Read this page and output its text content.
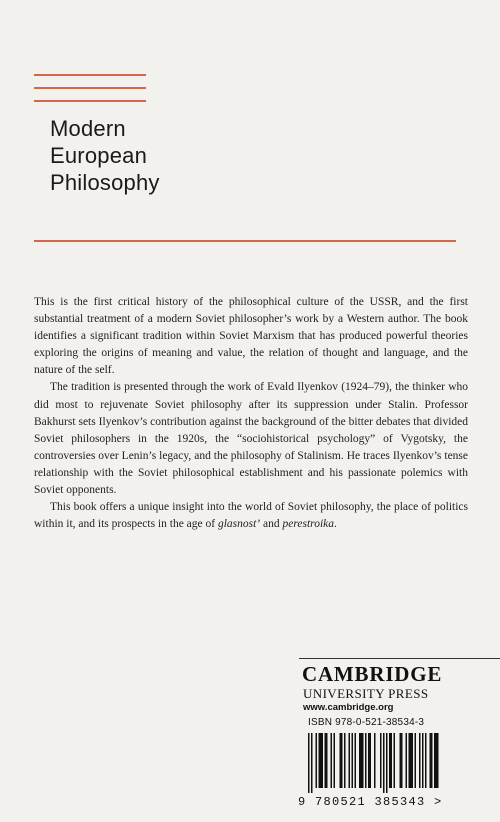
Modern
European
Philosophy

This is the first critical history of the philosophical culture of the USSR, and the first substantial treatment of a modern Soviet philosopher’s work by a Western author. The book identifies a significant tradition within Soviet Marxism that has produced powerful theories exploring the origins of meaning and value, the relation of thought and language, and the nature of the self.

The tradition is presented through the work of Evald Ilyenkov (1924–79), the thinker who did most to rejuvenate Soviet philosophy after its suppression under Stalin. Professor Bakhurst sets Ilyenkov’s contribution against the background of the bitter debates that divided Soviet philosophers in the 1920s, the “sociohistorical psychology” of Vygotsky, the controversies over Lenin’s legacy, and the philosophy of Stalinism. He traces Ilyenkov’s tense relationship with the Soviet philosophical establishment and his passionate polemics with Soviet opponents.

This book offers a unique insight into the world of Soviet philosophy, the place of politics within it, and its prospects in the age of glasnost’ and perestroika.

CAMBRIDGE
UNIVERSITY PRESS
www.cambridge.org
ISBN 978-0-521-38534-3
9 780521 385343 >
